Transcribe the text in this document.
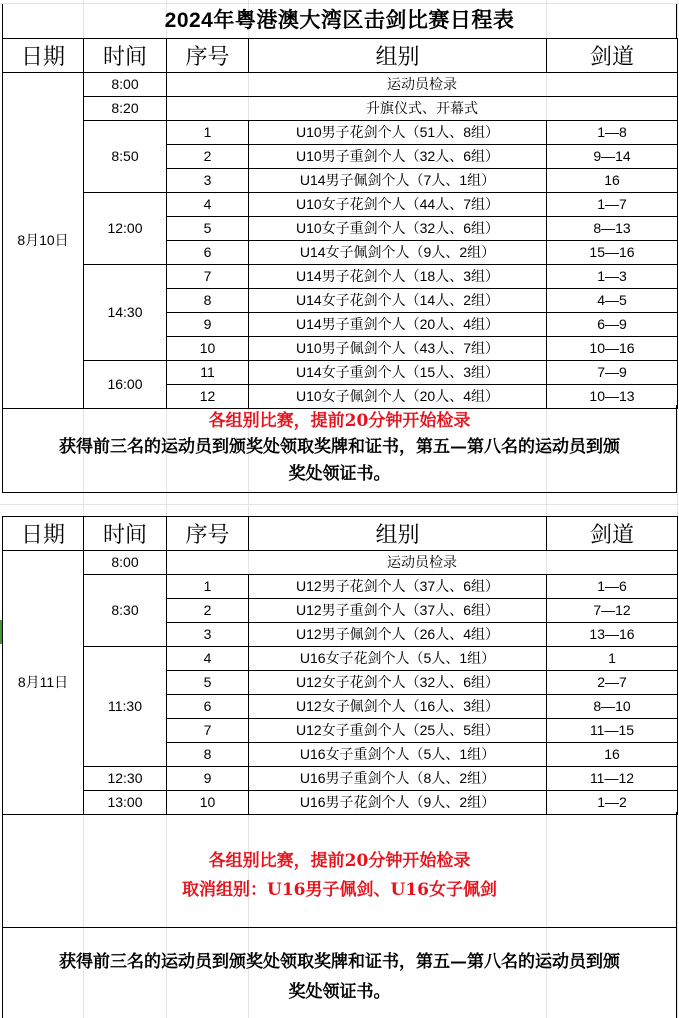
2024年粤港澳大湾区击剑比赛日程表
日期	时间	序号	组别	剑道
8月10日	8:00	运动员检录		
	8:20	升旗仪式、开幕式		
	8:50	1	U10男子花剑个人（51人、8组）	1—8
		2	U10男子重剑个人（32人、6组）	9—14
		3	U14男子佩剑个人（7人、1组）	16
	12:00	4	U10女子花剑个人（44人、7组）	1—7
		5	U10女子重剑个人（32人、6组）	8—13
		6	U14女子佩剑个人（9人、2组）	15—16
	14:30	7	U14男子花剑个人（18人、3组）	1—3
		8	U14女子花剑个人（14人、2组）	4—5
		9	U14男子重剑个人（20人、4组）	6—9
		10	U10男子佩剑个人（43人、7组）	10—16
	16:00	11	U14女子重剑个人（15人、3组）	7—9
		12	U10女子佩剑个人（20人、4组）	10—13
各组别比赛，提前20分钟开始检录
获得前三名的运动员到颁奖处领取奖牌和证书，第五—第八名的运动员到颁
奖处领证书。
日期	时间	序号	组别	剑道
8月11日	8:00	运动员检录		
	8:30	1	U12男子花剑个人（37人、6组）	1—6
		2	U12男子重剑个人（37人、6组）	7—12
		3	U12男子佩剑个人（26人、4组）	13—16
	11:30	4	U16女子花剑个人（5人、1组）	1
		5	U12女子花剑个人（32人、6组）	2—7
		6	U12女子佩剑个人（16人、3组）	8—10
		7	U12女子重剑个人（25人、5组）	11—15
		8	U16女子重剑个人（5人、1组）	16
	12:30	9	U16男子重剑个人（8人、2组）	11—12
	13:00	10	U16男子花剑个人（9人、2组）	1—2
各组别比赛，提前20分钟开始检录
取消组别：U16男子佩剑、U16女子佩剑
获得前三名的运动员到颁奖处领取奖牌和证书，第五—第八名的运动员到颁
奖处领证书。
